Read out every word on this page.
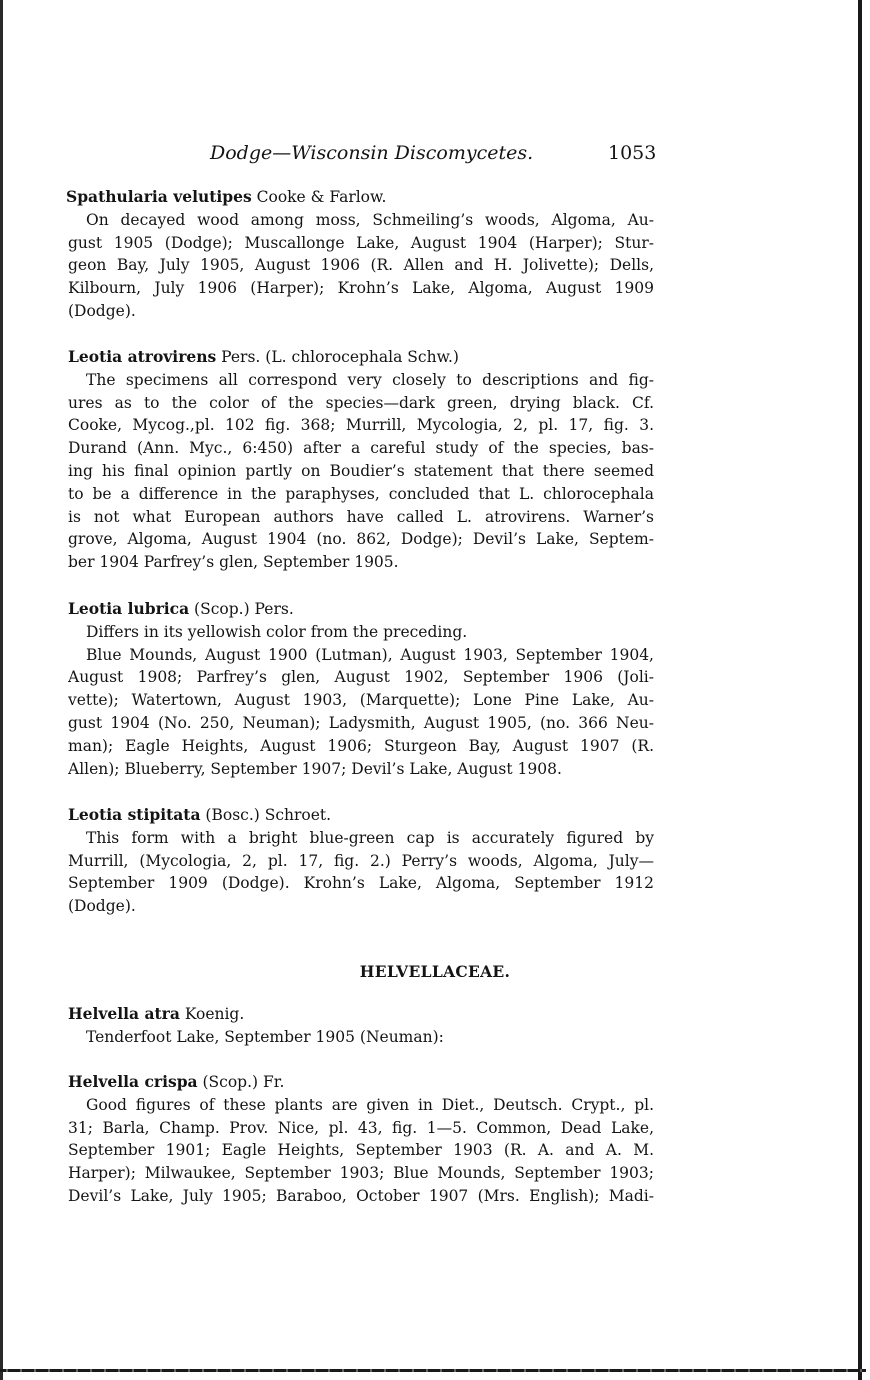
Dodge—Wisconsin Discomycetes.	1053
Spathularia velutipes Cooke & Farlow.
On decayed wood among moss, Schmeiling’s woods, Algoma, Au-
gust 1905 (Dodge); Muscallonge Lake, August 1904 (Harper); Stur-
geon Bay, July 1905, August 1906 (R. Allen and H. Jolivette); Dells,
Kilbourn, July 1906 (Harper); Krohn’s Lake, Algoma, August 1909
(Dodge).
Leotia atrovirens Pers. (L. chlorocephala Schw.)
The specimens all correspond very closely to descriptions and fig-
ures as to the color of the species—dark green, drying black. Cf.
Cooke, Mycog.,pl. 102 fig. 368; Murrill, Mycologia, 2, pl. 17, fig. 3.
Durand (Ann. Myc., 6:450) after a careful study of the species, bas-
ing his final opinion partly on Boudier’s statement that there seemed
to be a difference in the paraphyses, concluded that L. chlorocephala
is not what European authors have called L. atrovirens. Warner’s
grove, Algoma, August 1904 (no. 862, Dodge); Devil’s Lake, Septem-
ber 1904 Parfrey’s glen, September 1905.
Leotia lubrica (Scop.) Pers.
Differs in its yellowish color from the preceding.
Blue Mounds, August 1900 (Lutman), August 1903, September 1904,
August 1908; Parfrey’s glen, August 1902, September 1906 (Joli-
vette); Watertown, August 1903, (Marquette); Lone Pine Lake, Au-
gust 1904 (No. 250, Neuman); Ladysmith, August 1905, (no. 366 Neu-
man); Eagle Heights, August 1906; Sturgeon Bay, August 1907 (R.
Allen); Blueberry, September 1907; Devil’s Lake, August 1908.
Leotia stipitata (Bosc.) Schroet.
This form with a bright blue-green cap is accurately figured by
Murrill, (Mycologia, 2, pl. 17, fig. 2.) Perry’s woods, Algoma, July—
September 1909 (Dodge). Krohn’s Lake, Algoma, September 1912
(Dodge).
HELVELLACEAE.
Helvella atra Koenig.
Tenderfoot Lake, September 1905 (Neuman):
Helvella crispa (Scop.) Fr.
Good figures of these plants are given in Diet., Deutsch. Crypt., pl.
31; Barla, Champ. Prov. Nice, pl. 43, fig. 1—5. Common, Dead Lake,
September 1901; Eagle Heights, September 1903 (R. A. and A. M.
Harper); Milwaukee, September 1903; Blue Mounds, September 1903;
Devil’s Lake, July 1905; Baraboo, October 1907 (Mrs. English); Madi-
